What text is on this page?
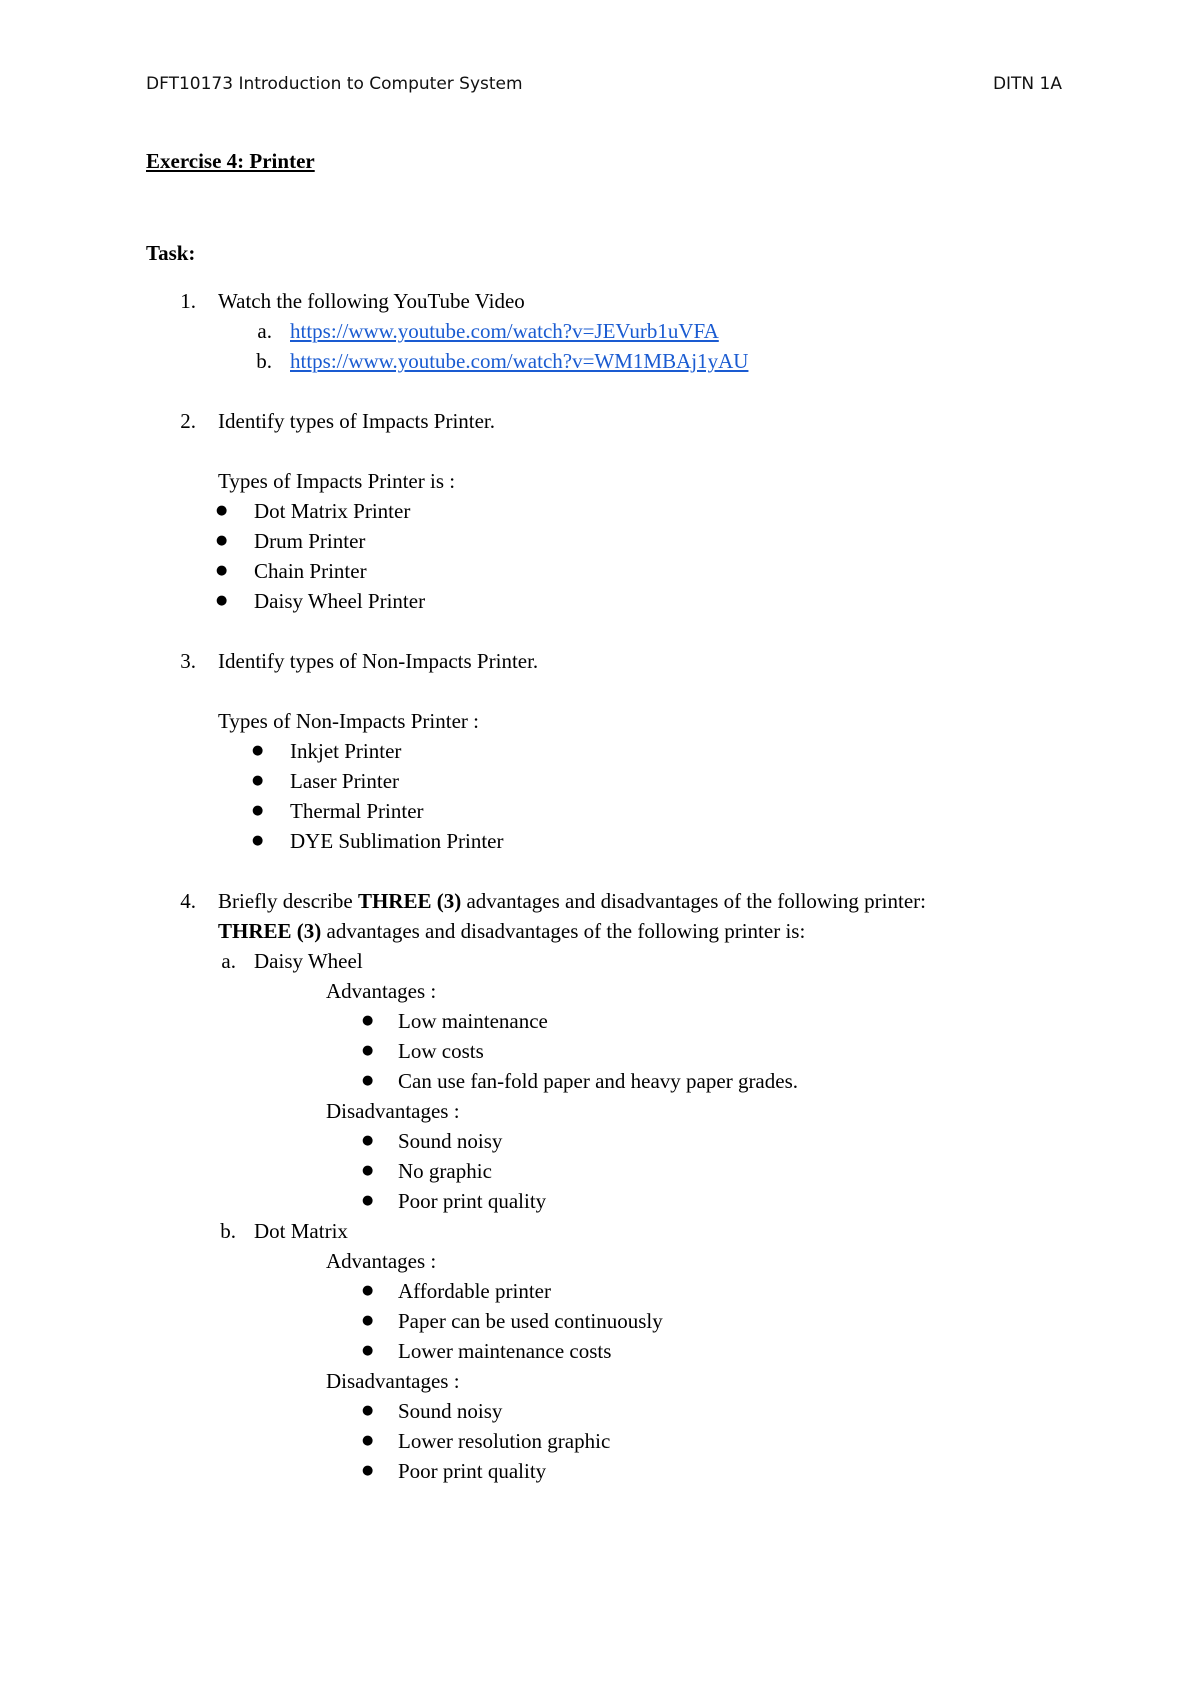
DFT10173 Introduction to Computer System	DITN 1A
Exercise 4: Printer
Task:
1. Watch the following YouTube Video
a. https://www.youtube.com/watch?v=JEVurb1uVFA
b. https://www.youtube.com/watch?v=WM1MBAj1yAU
2. Identify types of Impacts Printer.
Types of Impacts Printer is :
● Dot Matrix Printer
● Drum Printer
● Chain Printer
● Daisy Wheel Printer
3. Identify types of Non-Impacts Printer.
Types of Non-Impacts Printer :
● Inkjet Printer
● Laser Printer
● Thermal Printer
● DYE Sublimation Printer
4. Briefly describe THREE (3) advantages and disadvantages of the following printer:
THREE (3) advantages and disadvantages of the following printer is:
a. Daisy Wheel
Advantages :
● Low maintenance
● Low costs
● Can use fan-fold paper and heavy paper grades.
Disadvantages :
● Sound noisy
● No graphic
● Poor print quality
b. Dot Matrix
Advantages :
● Affordable printer
● Paper can be used continuously
● Lower maintenance costs
Disadvantages :
● Sound noisy
● Lower resolution graphic
● Poor print quality
